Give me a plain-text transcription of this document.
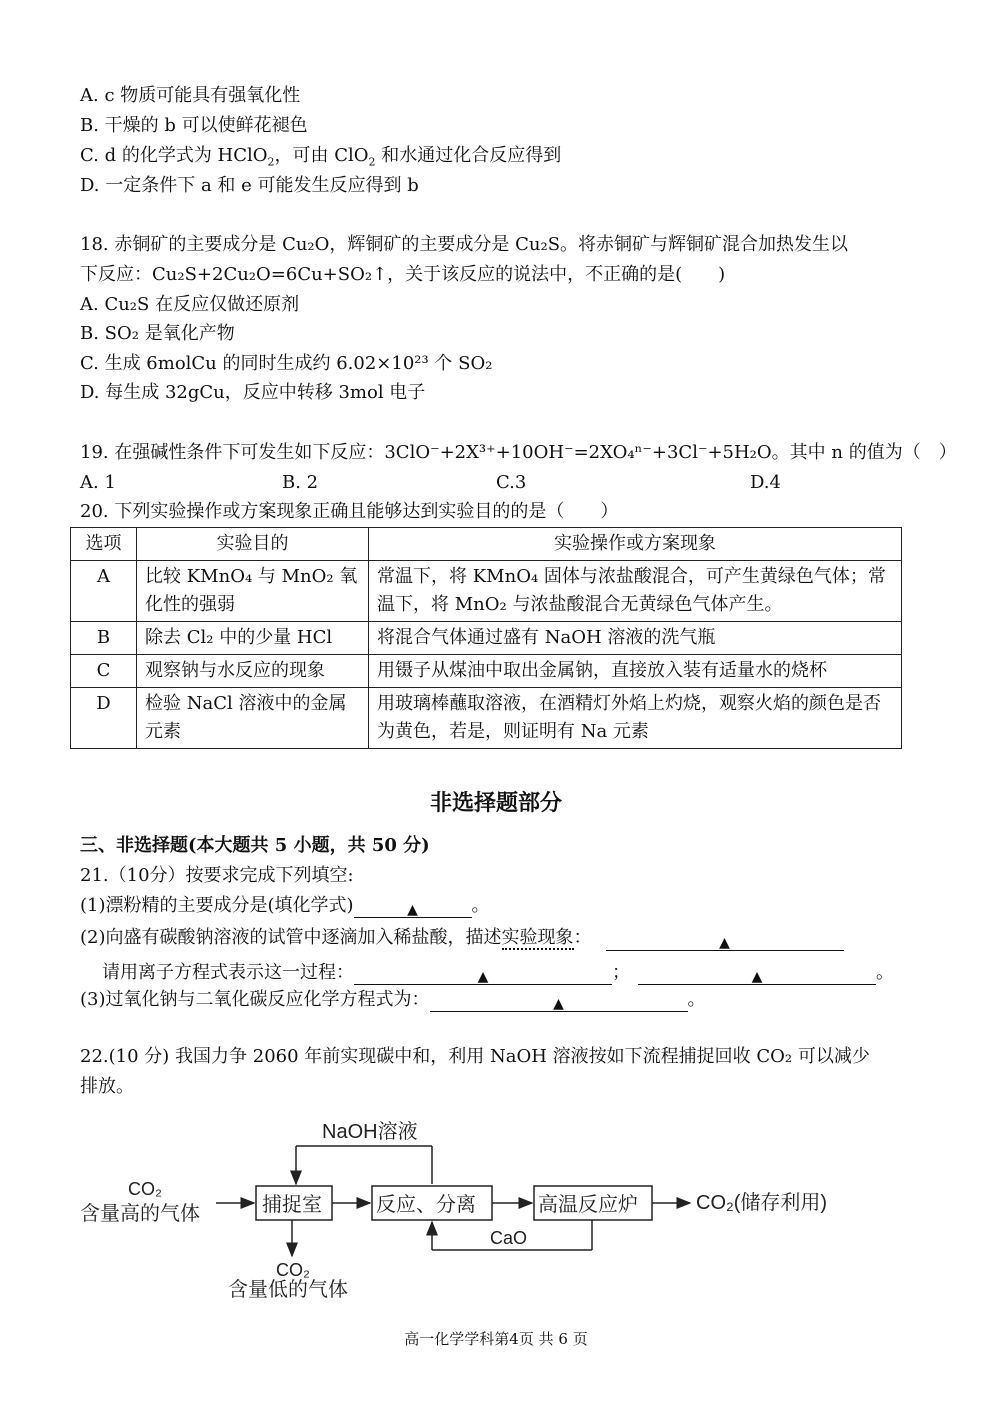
A. c 物质可能具有强氧化性
B. 干燥的 b 可以使鲜花褪色
C. d 的化学式为 HClO$_2$，可由 ClO$_2$ 和水通过化合反应得到
D. 一定条件下 a 和 e 可能发生反应得到 b
18. 赤铜矿的主要成分是 Cu₂O，辉铜矿的主要成分是 Cu₂S。将赤铜矿与辉铜矿混合加热发生以
下反应：Cu₂S+2Cu₂O=6Cu+SO₂↑，关于该反应的说法中，不正确的是(　　)
A. Cu₂S 在反应仅做还原剂
B. SO₂ 是氧化产物
C. 生成 6molCu 的同时生成约 6.02×10²³ 个 SO₂
D. 每生成 32gCu，反应中转移 3mol 电子
19. 在强碱性条件下可发生如下反应：3ClO⁻+2X³⁺+10OH⁻=2XO₄ⁿ⁻+3Cl⁻+5H₂O。其中 n 的值为（　）
A. 1	B. 2	C.3	D.4
20. 下列实验操作或方案现象正确且能够达到实验目的的是（　　）
选项	实验目的	实验操作或方案现象
A	比较 KMnO₄ 与 MnO₂ 氧化性的强弱	常温下，将 KMnO₄ 固体与浓盐酸混合，可产生黄绿色气体；常温下，将 MnO₂ 与浓盐酸混合无黄绿色气体产生。
B	除去 Cl₂ 中的少量 HCl	将混合气体通过盛有 NaOH 溶液的洗气瓶
C	观察钠与水反应的现象	用镊子从煤油中取出金属钠，直接放入装有适量水的烧杯
D	检验 NaCl 溶液中的金属元素	用玻璃棒蘸取溶液，在酒精灯外焰上灼烧，观察火焰的颜色是否为黄色，若是，则证明有 Na 元素
非选择题部分
三、非选择题(本大题共 5 小题，共 50 分)
21.（10分）按要求完成下列填空:
(1)漂粉精的主要成分是(填化学式)	▲	。
(2)向盛有碳酸钠溶液的试管中逐滴加入稀盐酸，描述实验现象：	▲
请用离子方程式表示这一过程：	▲	；	▲	。
(3)过氧化钠与二氧化碳反应化学方程式为：	▲	。
22.(10 分) 我国力争 2060 年前实现碳中和，利用 NaOH 溶液按如下流程捕捉回收 CO₂ 可以减少
排放。
NaOH溶液
CO₂
含量高的气体	捕捉室	反应、分离	高温反应炉	CO₂(储存利用)
CaO
CO₂
含量低的气体
高一化学学科第4页 共 6 页
